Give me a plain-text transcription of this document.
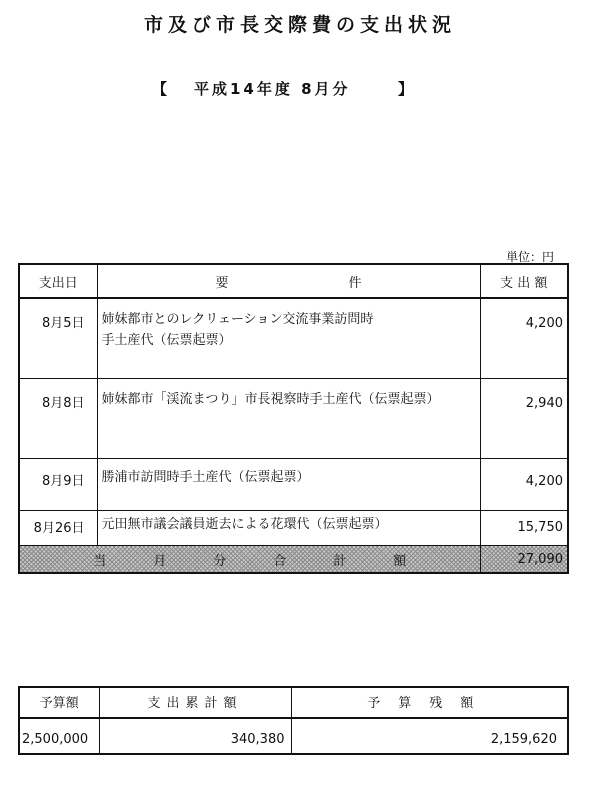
市及び市長交際費の支出状況
【 平成14年度 8月分	】
単位：円
支出日	要 件	支 出 額
8月5日	姉妹都市とのレクリェーション交流事業訪問時
手土産代（伝票起票）	4,200
8月8日	姉妹都市「渓流まつり」市長視察時手土産代（伝票起票）	2,940
8月9日	勝浦市訪問時手土産代（伝票起票）	4,200
8月26日	元田無市議会議員逝去による花環代（伝票起票）	15,750
当 月 分 合 計 額		27,090
予算額	支出累計額	予算残額
2,500,000	340,380	2,159,620
